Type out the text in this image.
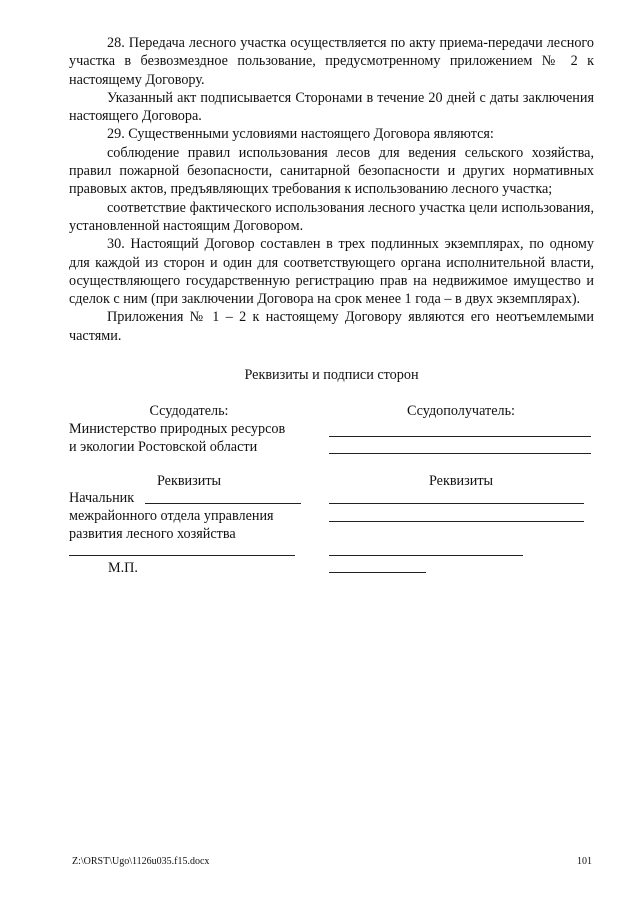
28. Передача лесного участка осуществляется по акту приема-передачи лесного участка в безвозмездное пользование, предусмотренному приложением № 2 к настоящему Договору.

Указанный акт подписывается Сторонами в течение 20 дней с даты заключения настоящего Договора.

29. Существенными условиями настоящего Договора являются:

соблюдение правил использования лесов для ведения сельского хозяйства, правил пожарной безопасности, санитарной безопасности и других нормативных правовых актов, предъявляющих требования к использованию лесного участка;

соответствие фактического использования лесного участка цели использования, установленной настоящим Договором.

30. Настоящий Договор составлен в трех подлинных экземплярах, по одному для каждой из сторон и один для соответствующего органа исполнительной власти, осуществляющего государственную регистрацию прав на недвижимое имущество и сделок с ним (при заключении Договора на срок менее 1 года – в двух экземплярах).

Приложения № 1 – 2 к настоящему Договору являются его неотъемлемыми частями.

Реквизиты и подписи сторон
Ссудодатель:
Министерство природных ресурсов
и экологии Ростовской области
Реквизиты
Начальник
межрайонного отдела управления
развития лесного хозяйства
М.П.
Ссудополучатель:
Реквизиты
Z:\ORST\Ugo\1126u035.f15.docx	101
